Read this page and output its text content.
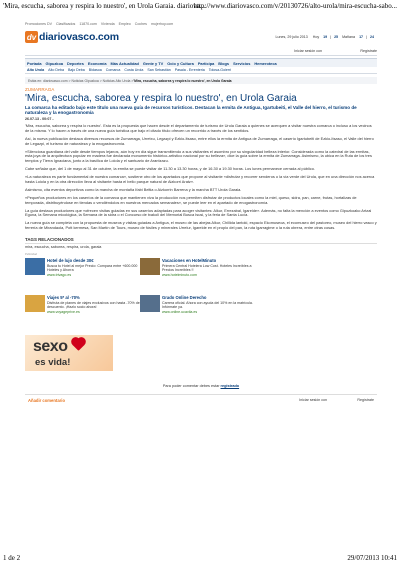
'Mira, escucha, saborea y respira lo nuestro', en Urola Garaia. diariova...
http://www.diariovasco.com/v/20130726/alto-urola/mira-escucha-sabo...
Promociones DV Clasificados 11870.com Vivienda Empleo Coches mujerhoy.com
dv diariovasco.com	Lunes, 29 julio 2013 Hoy 19 | 25 Mañana 17 | 24
Iniciar sesión con	Regístrate
Portada Gipuzkoa Deportes Economía Más Actualidad Gente y TV Ocio y Cultura Participa Blogs Servicios Hemeroteca
Alto Urola Alto Deba Bajo Deba Bidasoa Comarca Costa Urola San Sebastián Pasaia - Errenteria Tolosa-Goierri
Estás en: diariovasco.com > Noticias Gipuzkoa > Noticias Alto Urola > 'Mira, escucha, saborea y respira lo nuestro', en Urola Garaia
ZUMARRAGA
'Mira, escucha, saborea y respira lo nuestro', en Urola Garaia
La comarca ha editado bajo este título una nueva guía de recursos turísticos. Destacan la ermita de Antigua, Igartubeiti, el Valle del hierro, el turismo de naturaleza y la enogastronomía
26.07.13 - 00:07 -

'Mira, escucha, saborea y respira lo nuestro'. Esta es la propuesta que hacen desde el departamento de turismo de Urola Garaia a quienes se acerquen a visitar nuestra comarca o incluso a los vecinos de la misma. Y lo hacen a través de una nueva guía turística que bajo el citado título ofrecen un recorrido a través de los sentidos.

Así, la nueva publicación destaca diversos recursos de Zumarraga, Urretxu, Legazpi y Ezkio-Itsaso, entre ellos la ermita de Antigua de Zumarraga, el caserío Igartubeiti de Ezkio-Itsaso, el Valle del hierro de Legazpi, el turismo de naturaleza y la enogastronomía.

«Silenciosa guardiana del valle desde tiempos lejanos, aún hoy en día sigue transmitiendo a sus visitantes el asombro por su singularidad belleza interior. Considerada como la catedral de las ermitas, esta joya de la arquitectura popular en madera fue declarada monumento histórico-artístico nacional por su belleza», dice la guía sobre la ermita de Zumarraga. Asimismo, la ubica en la Ruta de los tres templos y Tierra Ignaciana, junto a la basílica de Loiola y el santuario de Arantzazu.

Cabe señalar que, del 1 de mayo al 31 de octubre, la ermita se puede visitar de 11.30 a 13.30 horas, y de 16.30 a 19.30 horas. Los lunes permanece cerrada al público.

«La naturaleza es parte fundamental de nuestra comarca», sostiene otro de los apartados que propone al visitante «disfrutar y recorrer senderos o la vía verde del Urola, que en una dirección nos acerca hasta Loiola y en la otra dirección lleva al visitante hasta el bello parque natural de Aizkorri Aratz».

Asimismo, cita eventos deportivos como la marcha de montaña Ifabi Beltia o Aizkorrin Barrena y la marcha BTT Urola Garaia.

«Pequeños productores en los caseríos de la comarca que mantienen viva la producción nos permiten disfrutar de productos locales como la miel, queso, sidra, pan, carne, frutas, hortalizas de temporada, distribuyéndose en tiendas o vendiéndolos en nuestros mercados semanales», se puede leer en el apartado de enogastronomía.

La guía destaca productores que «ofrecen visitas guiadas en sus caseríos adaptadas para acoger visitantes: Alkur, Errezabal, Igarelde». Además, no falta la mención a eventos como Gipuzkoako Artzai Eguna, la Semana micológica, la Semana de la sidra o el Concurso de txakoli del Memorial Busca Isusi, y la feria de Santa Lucía.

La nueva guía se completa con la propuesta de museos y visitas guiadas a Antigua, el museo de las abejas Alkur, Chillida lantoki, espacio Ekomuseoa, el ecomuseo del pastoreo, museo del hierro vasco y ferrería de Mirandaola, Pott kermesa, San Martín de Tours, museo de fósiles y minerales Urrelur, Igarelde en el propio del pan, la ruta Igarragime o la ruta obrera, entre otras cosas.

TAGS RELACIONADOS
mira, escucha, saborea, respira, urola, garaia
Publicidad
Hotel de lujo desde 30€
Busca tu Hotel al mejor Precio: Compara entre +600.000 Hoteles y Ahorra
www.trivago.es
Vacaciones en HotelMinuto
Primera Central Hotelera Low Cost. Hoteles Increíbles a Precios Increíbles !!
www.hotelminuto.com
Viajes 5* al -70%
Disfruta de planes de viajes exclusivos con hasta -70% de descuento. ¡Hazlo socio ahora!
www.voyageprive.es
Grado Online Derecho
Carrera oficial. Ahora con ayuda del 10% en la matrícula. Infórmate ya.
www.online.ucavila.es
sexo
es vida!
Para poder comentar debes estar registrado
Añadir comentario	Iniciar sesión con	Regístrate
1 de 2	29/07/2013 10:41
